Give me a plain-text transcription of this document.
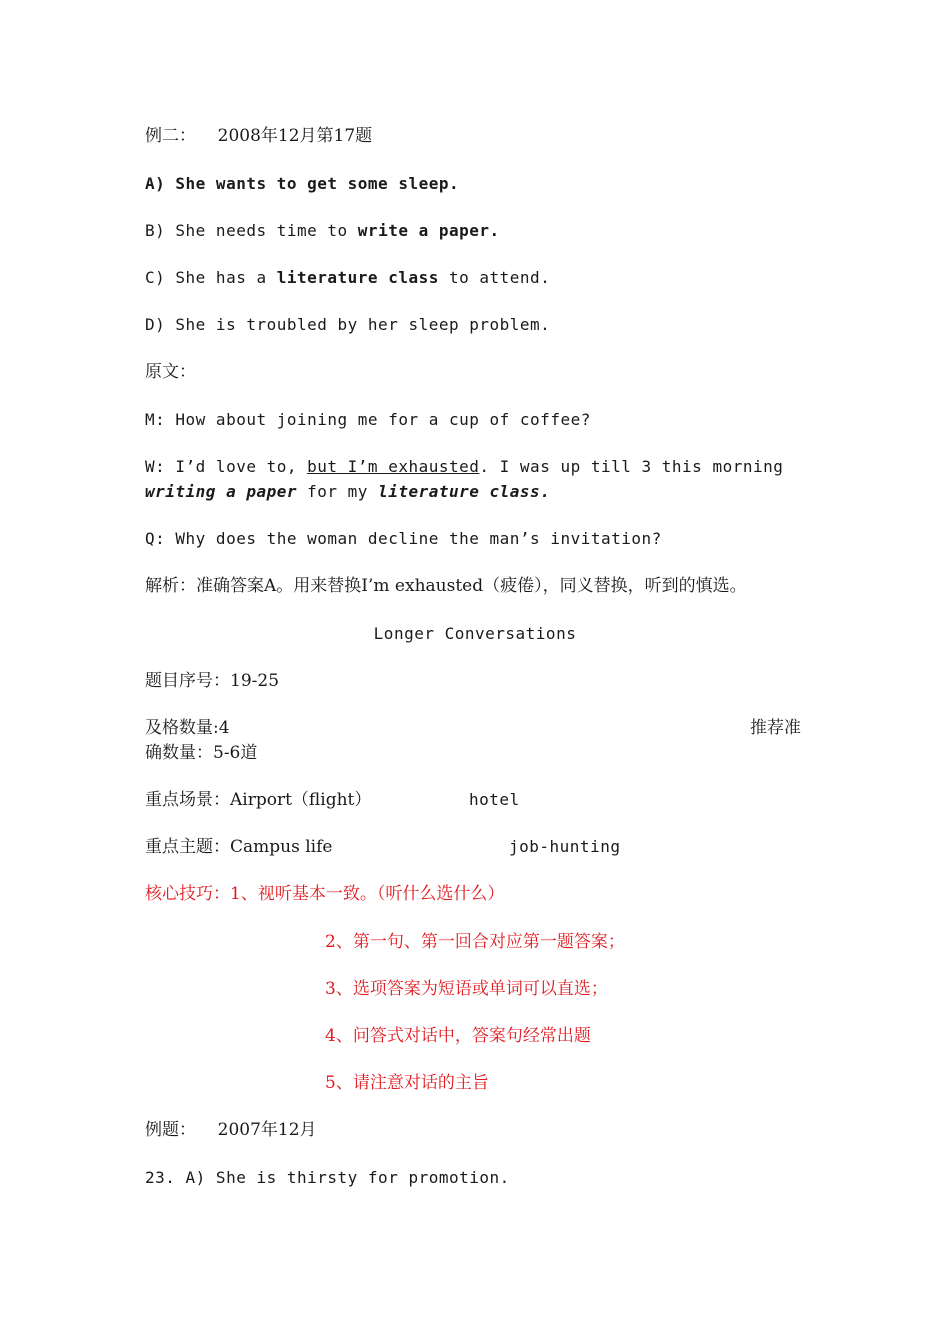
例二： 2008年12月第17题

A) She wants to get some sleep.

B) She needs time to write a paper.

C) She has a literature class to attend.

D) She is troubled by her sleep problem.

原文：

M: How about joining me for a cup of coffee?

W: I’d love to, but I’m exhausted. I was up till 3 this morning

writing a paper for my literature class.

Q: Why does the woman decline the man’s invitation?

解析：准确答案A。用来替换I’m exhausted（疲倦），同义替换，听到的慎选。

Longer Conversations

题目序号：19-25

及格数量:4	推荐准

确数量：5-6道

重点场景：Airport（flight）	hotel

重点主题：Campus life	job-hunting

核心技巧：1、视听基本一致。（听什么选什么）

2、第一句、第一回合对应第一题答案；

3、选项答案为短语或单词可以直选；

4、问答式对话中，答案句经常出题

5、请注意对话的主旨

例题： 2007年12月

23. A) She is thirsty for promotion.
